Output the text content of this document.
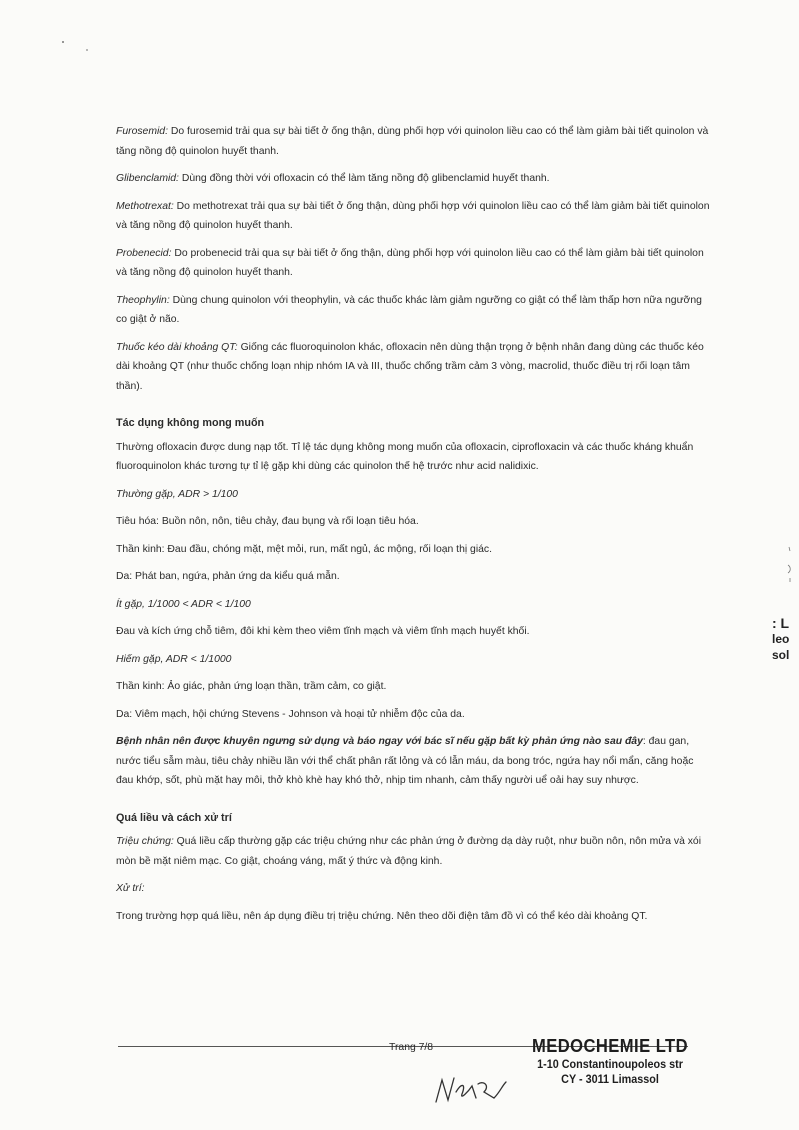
Furosemid: Do furosemid trải qua sự bài tiết ở ống thận, dùng phối hợp với quinolon liều cao có thể làm giảm bài tiết quinolon và tăng nồng độ quinolon huyết thanh.

Glibenclamid: Dùng đồng thời với ofloxacin có thể làm tăng nồng độ glibenclamid huyết thanh.

Methotrexat: Do methotrexat trải qua sự bài tiết ở ống thận, dùng phối hợp với quinolon liều cao có thể làm giảm bài tiết quinolon và tăng nồng độ quinolon huyết thanh.

Probenecid: Do probenecid trải qua sự bài tiết ở ống thận, dùng phối hợp với quinolon liều cao có thể làm giảm bài tiết quinolon và tăng nồng độ quinolon huyết thanh.

Theophylin: Dùng chung quinolon với theophylin, và các thuốc khác làm giảm ngưỡng co giật có thể làm thấp hơn nữa ngưỡng co giật ở não.

Thuốc kéo dài khoảng QT: Giống các fluoroquinolon khác, ofloxacin nên dùng thận trọng ở bệnh nhân đang dùng các thuốc kéo dài khoảng QT (như thuốc chống loạn nhịp nhóm IA và III, thuốc chống trầm cảm 3 vòng, macrolid, thuốc điều trị rối loạn tâm thần).

Tác dụng không mong muốn

Thường ofloxacin được dung nạp tốt. Tỉ lệ tác dụng không mong muốn của ofloxacin, ciprofloxacin và các thuốc kháng khuẩn fluoroquinolon khác tương tự tỉ lệ gặp khi dùng các quinolon thế hệ trước như acid nalidixic.

Thường gặp, ADR > 1/100

Tiêu hóa: Buồn nôn, nôn, tiêu chảy, đau bụng và rối loạn tiêu hóa.

Thần kinh: Đau đầu, chóng mặt, mệt mỏi, run, mất ngủ, ác mộng, rối loạn thị giác.

Da: Phát ban, ngứa, phản ứng da kiểu quá mẫn.

Ít gặp, 1/1000 < ADR < 1/100

Đau và kích ứng chỗ tiêm, đôi khi kèm theo viêm tĩnh mạch và viêm tĩnh mạch huyết khối.

Hiếm gặp, ADR < 1/1000

Thần kinh: Ảo giác, phản ứng loạn thần, trầm cảm, co giật.

Da: Viêm mạch, hội chứng Stevens - Johnson và hoại tử nhiễm độc của da.

Bệnh nhân nên được khuyên ngưng sử dụng và báo ngay với bác sĩ nếu gặp bất kỳ phản ứng nào sau đây: đau gan, nước tiểu sẫm màu, tiêu chảy nhiều lần với thể chất phân rất lỏng và có lẫn máu, da bong tróc, ngứa hay nổi mẩn, căng hoặc đau khớp, sốt, phù mặt hay môi, thở khò khè hay khó thở, nhịp tim nhanh, cảm thấy người uể oải hay suy nhược.

Quá liều và cách xử trí

Triệu chứng: Quá liều cấp thường gặp các triệu chứng như các phản ứng ở đường dạ dày ruột, như buồn nôn, nôn mửa và xói mòn bề mặt niêm mạc. Co giật, choáng váng, mất ý thức và động kinh.

Xử trí:

Trong trường hợp quá liều, nên áp dụng điều trị triệu chứng. Nên theo dõi điện tâm đồ vì có thể kéo dài khoảng QT.

Trang 7/8	MEDOCHEMIE LTD
1-10 Constantinoupoleos str
CY - 3011 Limassol
: L
leo
sol
